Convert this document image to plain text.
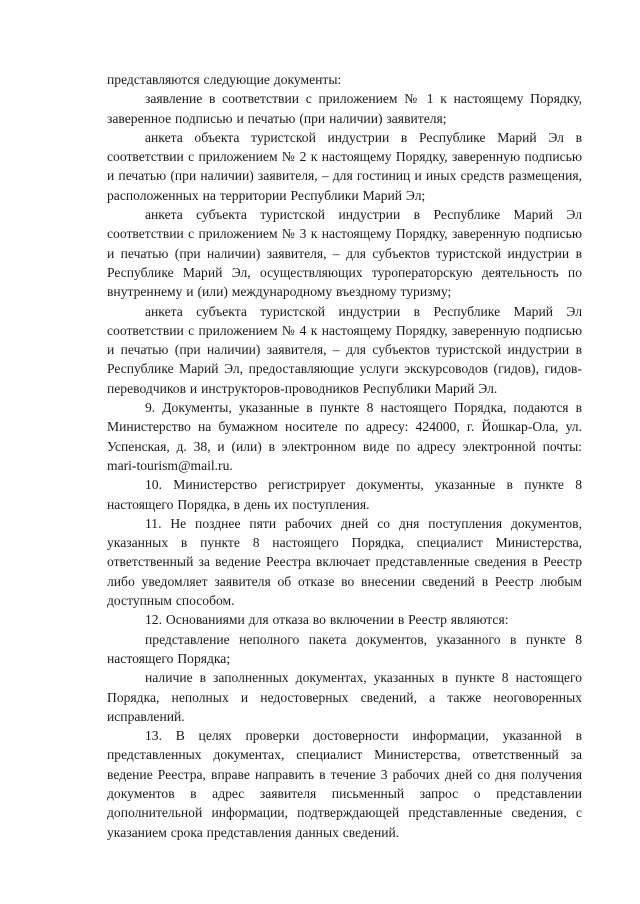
представляются следующие документы:

заявление в соответствии с приложением № 1 к настоящему Порядку, заверенное подписью и печатью (при наличии) заявителя;

анкета объекта туристской индустрии в Республике Марий Эл в соответствии с приложением № 2 к настоящему Порядку, заверенную подписью и печатью (при наличии) заявителя, – для гостиниц и иных средств размещения, расположенных на территории Республики Марий Эл;

анкета субъекта туристской индустрии в Республике Марий Эл соответствии с приложением № 3 к настоящему Порядку, заверенную подписью и печатью (при наличии) заявителя, – для субъектов туристской индустрии в Республике Марий Эл, осуществляющих туроператорскую деятельность по внутреннему и (или) международному въездному туризму;

анкета субъекта туристской индустрии в Республике Марий Эл соответствии с приложением № 4 к настоящему Порядку, заверенную подписью и печатью (при наличии) заявителя, – для субъектов туристской индустрии в Республике Марий Эл, предоставляющие услуги экскурсоводов (гидов), гидов-переводчиков и инструкторов-проводников Республики Марий Эл.

9. Документы, указанные в пункте 8 настоящего Порядка, подаются в Министерство на бумажном носителе по адресу: 424000, г. Йошкар-Ола, ул. Успенская, д. 38, и (или) в электронном виде по адресу электронной почты: mari-tourism@mail.ru.

10. Министерство регистрирует документы, указанные в пункте 8 настоящего Порядка, в день их поступления.

11. Не позднее пяти рабочих дней со дня поступления документов, указанных в пункте 8 настоящего Порядка, специалист Министерства, ответственный за ведение Реестра включает представленные сведения в Реестр либо уведомляет заявителя об отказе во внесении сведений в Реестр любым доступным способом.

12. Основаниями для отказа во включении в Реестр являются:

представление неполного пакета документов, указанного в пункте 8 настоящего Порядка;

наличие в заполненных документах, указанных в пункте 8 настоящего Порядка, неполных и недостоверных сведений, а также неоговоренных исправлений.

13. В целях проверки достоверности информации, указанной в представленных документах, специалист Министерства, ответственный за ведение Реестра, вправе направить в течение 3 рабочих дней со дня получения документов в адрес заявителя письменный запрос о представлении дополнительной информации, подтверждающей представленные сведения, с указанием срока представления данных сведений.
